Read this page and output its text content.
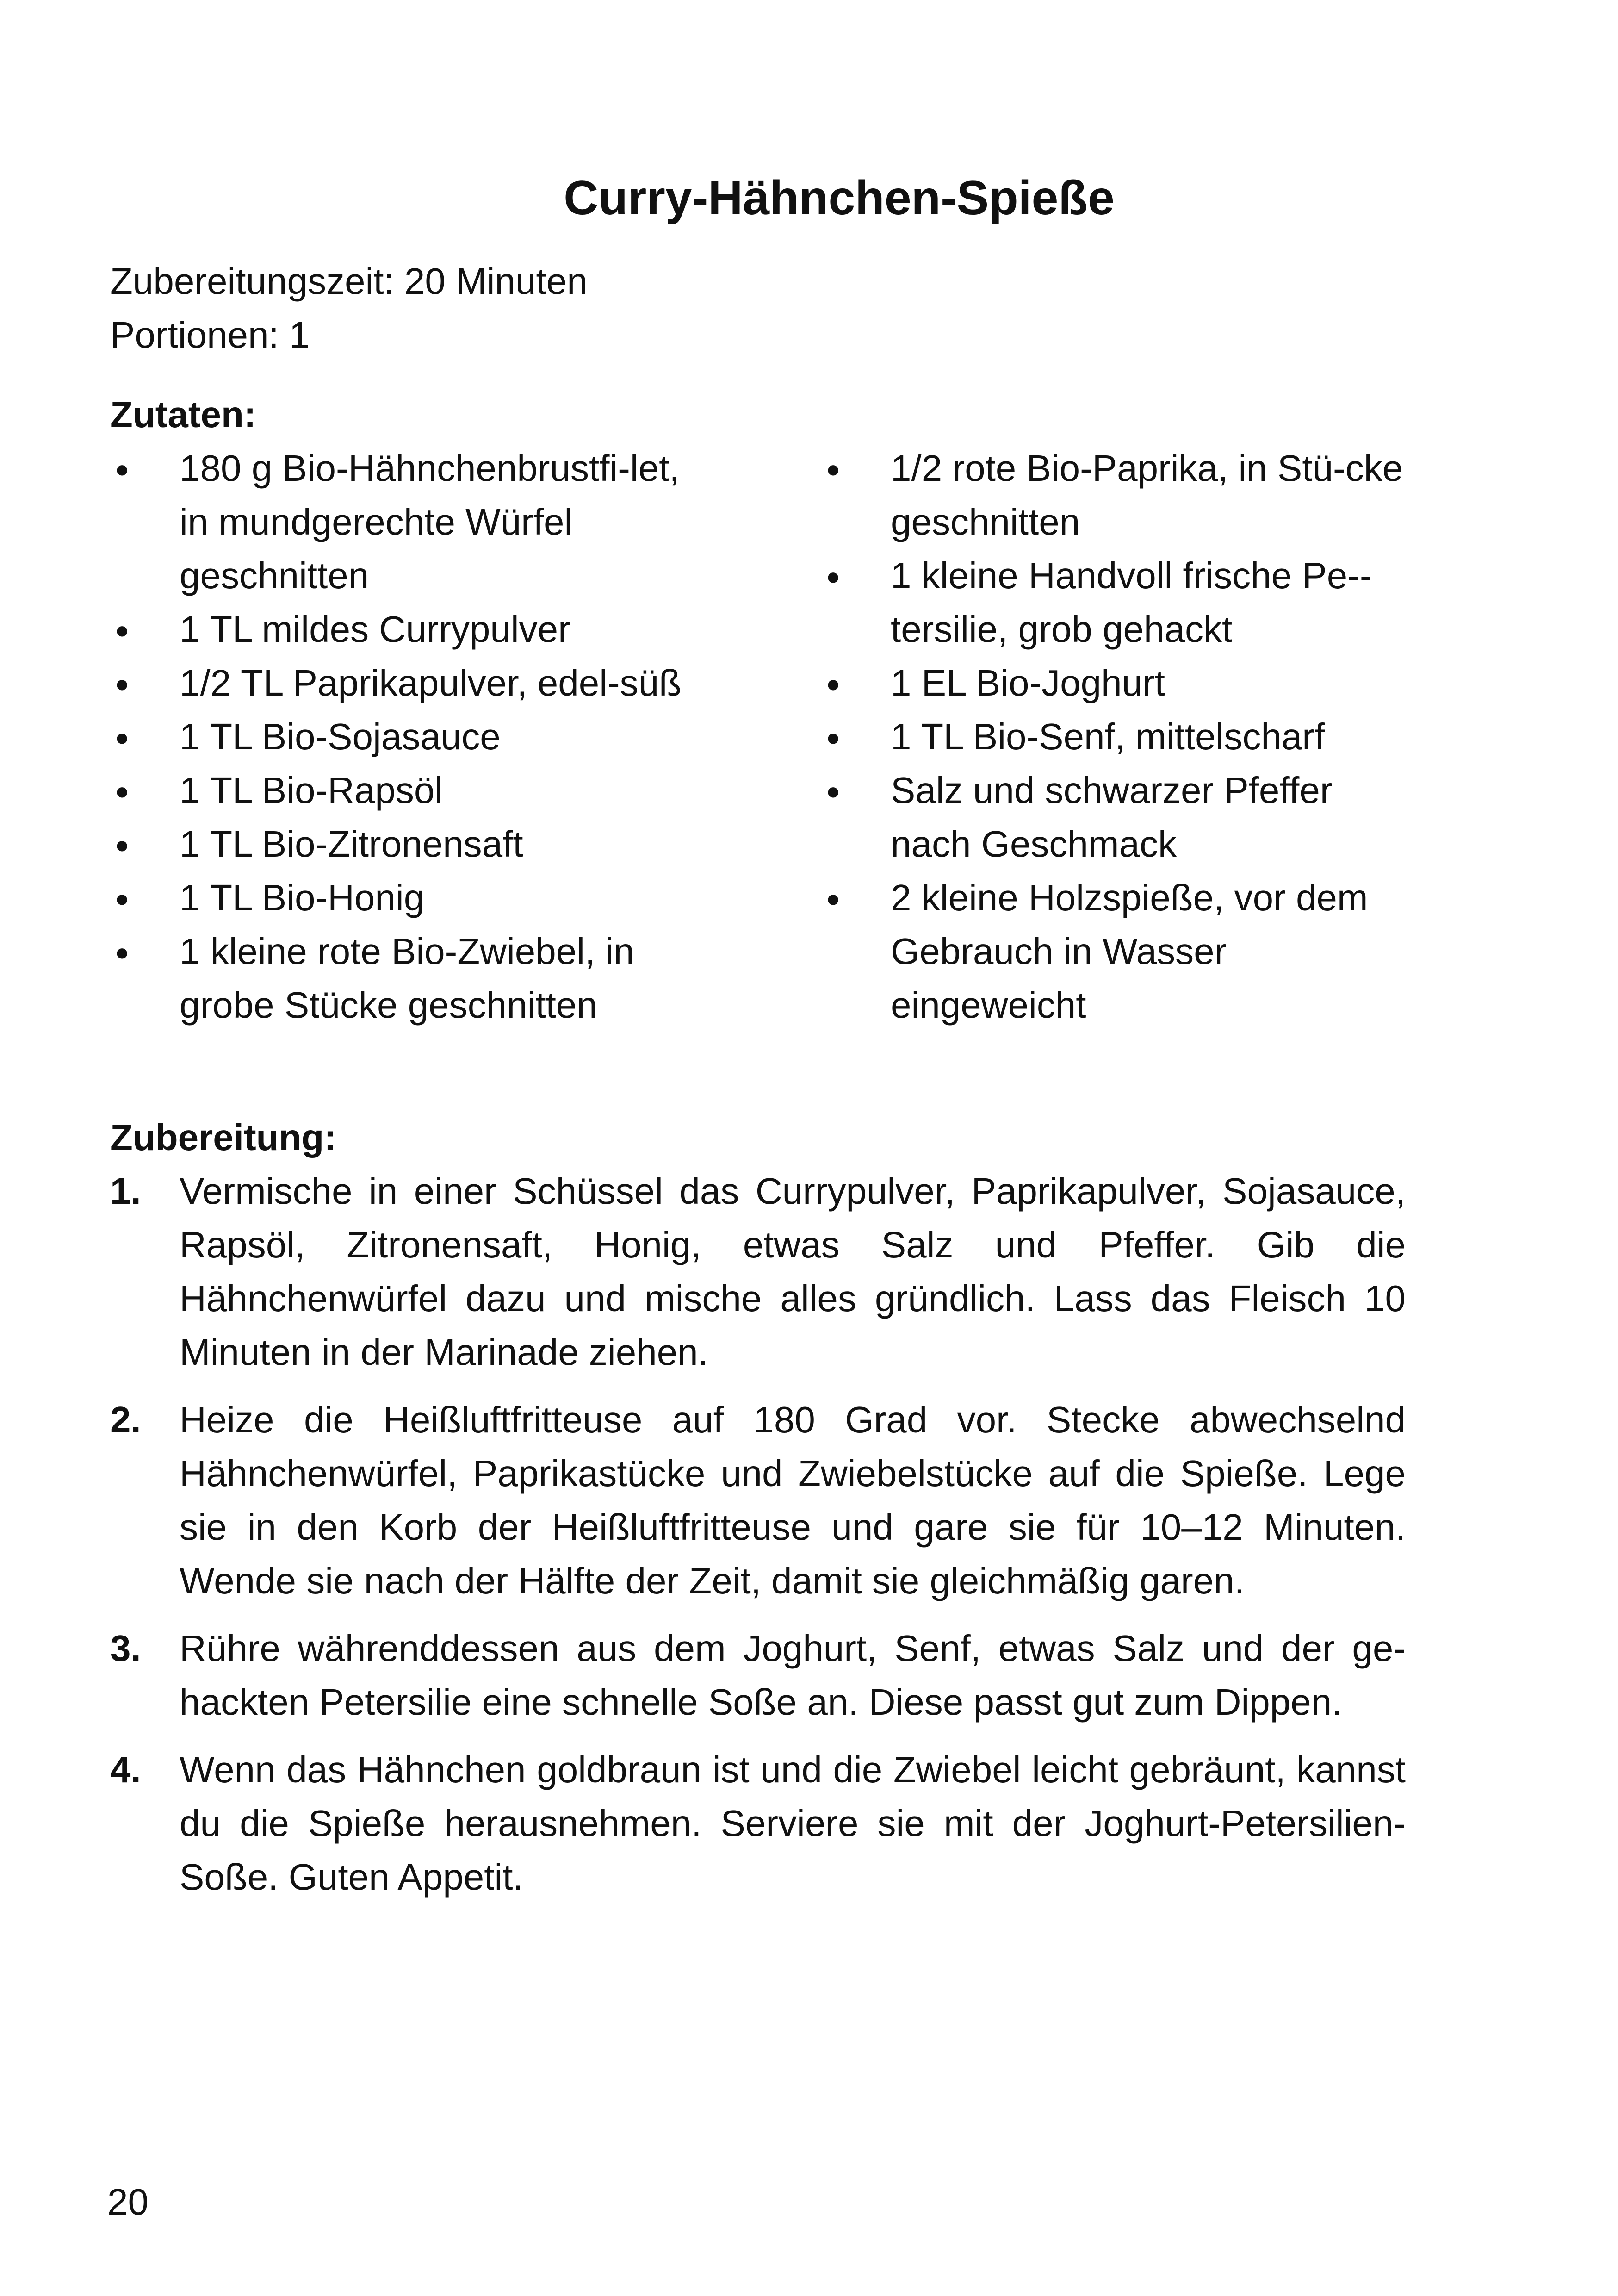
Curry-Hähnchen-Spieße
Zubereitungszeit: 20 Minuten
Portionen: 1
Zutaten:
●
180 g Bio-Hähnchenbrustfi-let, in mundgerechte Würfel geschnitten
●
1 TL mildes Currypulver
●
1/2 TL Paprikapulver, edel-süß
●
1 TL Bio-Sojasauce
●
1 TL Bio-Rapsöl
●
1 TL Bio-Zitronensaft
●
1 TL Bio-Honig
●
1 kleine rote Bio-Zwiebel, in grobe Stücke geschnitten
●
1/2 rote Bio-Paprika, in Stü-cke geschnitten
●
1 kleine Handvoll frische Pe-tersilie, grob gehackt
●
1 EL Bio-Joghurt
●
1 TL Bio-Senf, mittelscharf
●
Salz und schwarzer Pfeffer nach Geschmack
●
2 kleine Holzspieße, vor dem Gebrauch in Wasser eingeweicht
Zubereitung:
1. Vermische in einer Schüssel das Currypulver, Paprikapulver, Sojasauce, Rapsöl, Zitronensaft, Honig, etwas Salz und Pfeffer. Gib die Hähnchenwürfel dazu und mische alles gründlich. Lass das Fleisch 10 Minuten in der Marinade ziehen.
2. Heize die Heißluftfritteuse auf 180 Grad vor. Stecke abwechselnd Hähnchenwürfel, Paprikastücke und Zwiebelstücke auf die Spieße. Lege sie in den Korb der Heißluftfritteuse und gare sie für 10–12 Minuten. Wende sie nach der Hälfte der Zeit, damit sie gleichmäßig garen.
3. Rühre währenddessen aus dem Joghurt, Senf, etwas Salz und der gehackten Petersilie eine schnelle Soße an. Diese passt gut zum Dippen.
4. Wenn das Hähnchen goldbraun ist und die Zwiebel leicht gebräunt, kannst du die Spieße herausnehmen. Serviere sie mit der Joghurt-Petersilien-Soße. Guten Appetit.
20
